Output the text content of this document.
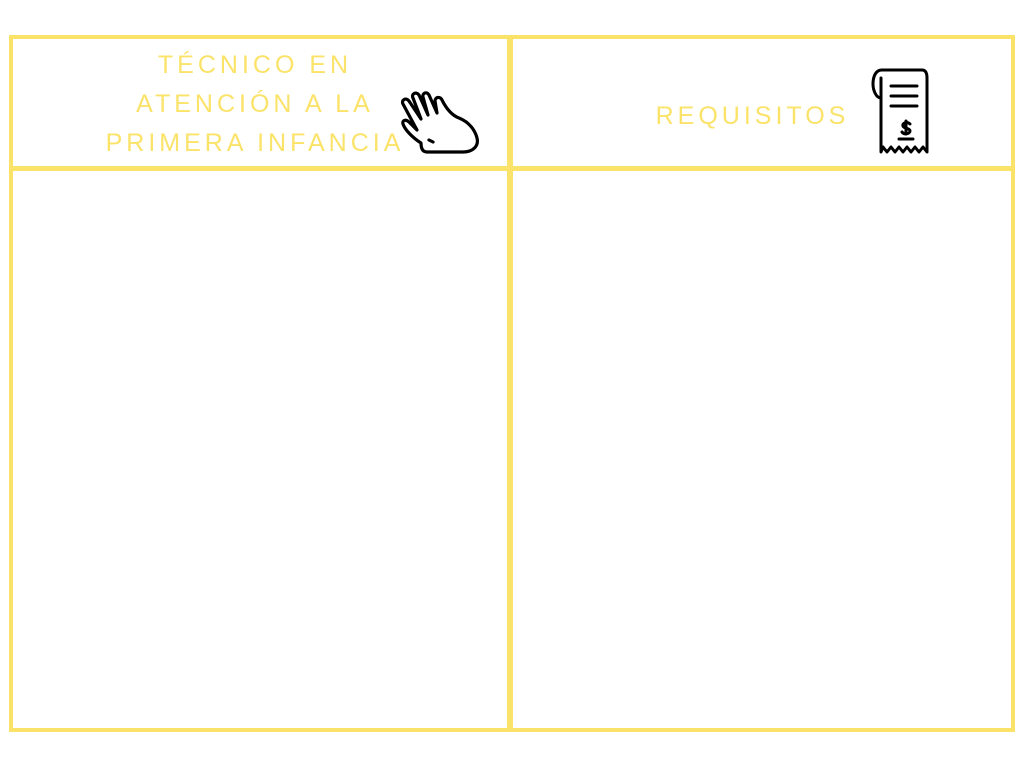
TÉCNICO EN
ATENCIÓN A LA
PRIMERA INFANCIA
REQUISITOS
